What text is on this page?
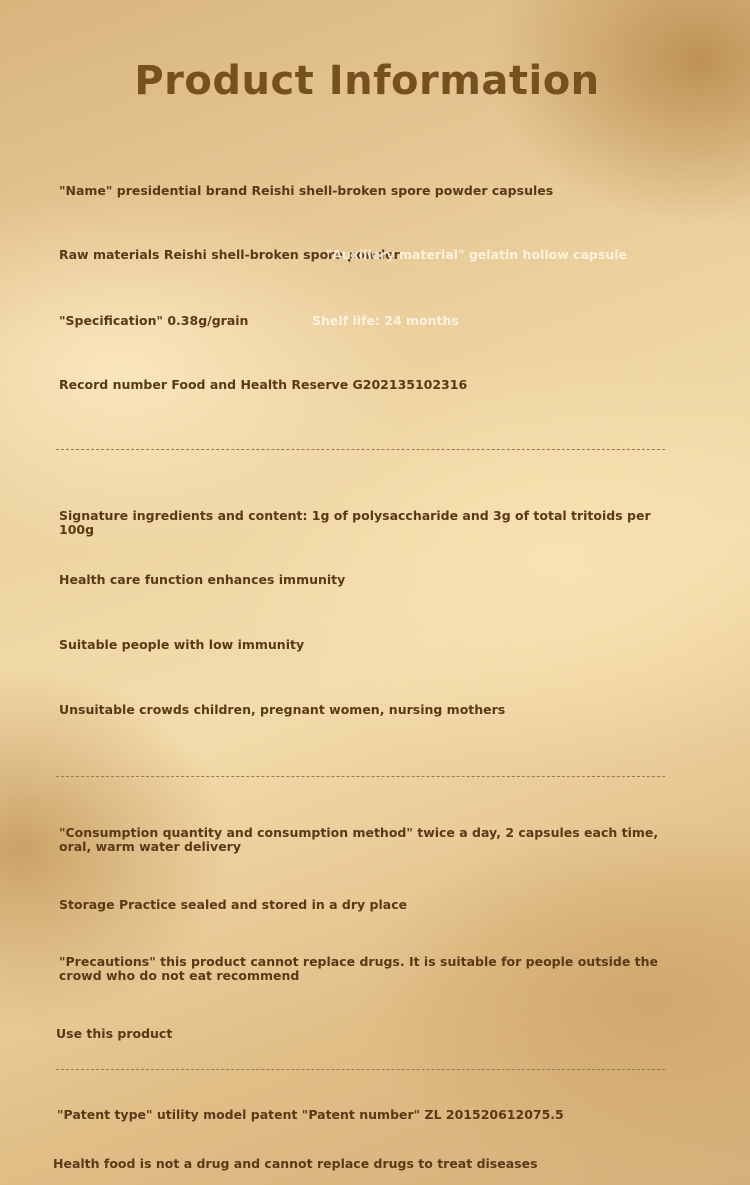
Product Information
"Name" presidential brand Reishi shell-broken spore powder capsules
Raw materials Reishi shell-broken spore powder
"Auxiliary material" gelatin hollow capsule
"Specification" 0.38g/grain	Shelf life: 24 months
Record number Food and Health Reserve G202135102316
Signature ingredients and content: 1g of polysaccharide and 3g of total tritoids per 100g
Health care function enhances immunity
Suitable people with low immunity
Unsuitable crowds children, pregnant women, nursing mothers
"Consumption quantity and consumption method" twice a day, 2 capsules each time, oral, warm water delivery
Storage Practice sealed and stored in a dry place
"Precautions" this product cannot replace drugs. It is suitable for people outside the crowd who do not eat recommend
Use this product
"Patent type" utility model patent "Patent number" ZL 201520612075.5
Health food is not a drug and cannot replace drugs to treat diseases
